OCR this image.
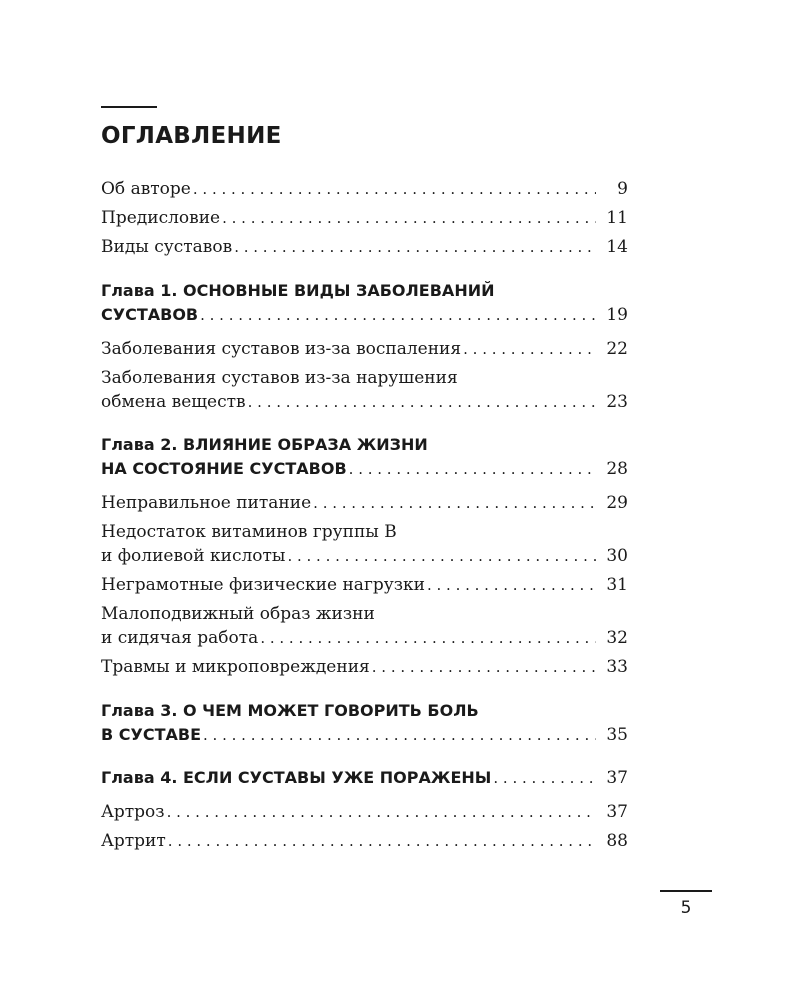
ОГЛАВЛЕНИЕ
Об авторе . . .	9
Предисловие . . .	11
Виды суставов . . .	14
Глава 1. ОСНОВНЫЕ ВИДЫ ЗАБОЛЕВАНИЙ
СУСТАВОВ . . .	19
Заболевания суставов из-за воспаления . . .	22
Заболевания суставов из-за нарушения
обмена веществ . . .	23
Глава 2. ВЛИЯНИЕ ОБРАЗА ЖИЗНИ
НА СОСТОЯНИЕ СУСТАВОВ . . .	28
Неправильное питание . . .	29
Недостаток витаминов группы В
и фолиевой кислоты . . .	30
Неграмотные физические нагрузки . . .	31
Малоподвижный образ жизни
и сидячая работа . . .	32
Травмы и микроповреждения . . .	33
Глава 3. О ЧЕМ МОЖЕТ ГОВОРИТЬ БОЛЬ
В СУСТАВЕ . . .	35
Глава 4. ЕСЛИ СУСТАВЫ УЖЕ ПОРАЖЕНЫ . . .	37
Артроз . . .	37
Артрит . . .	88
5
